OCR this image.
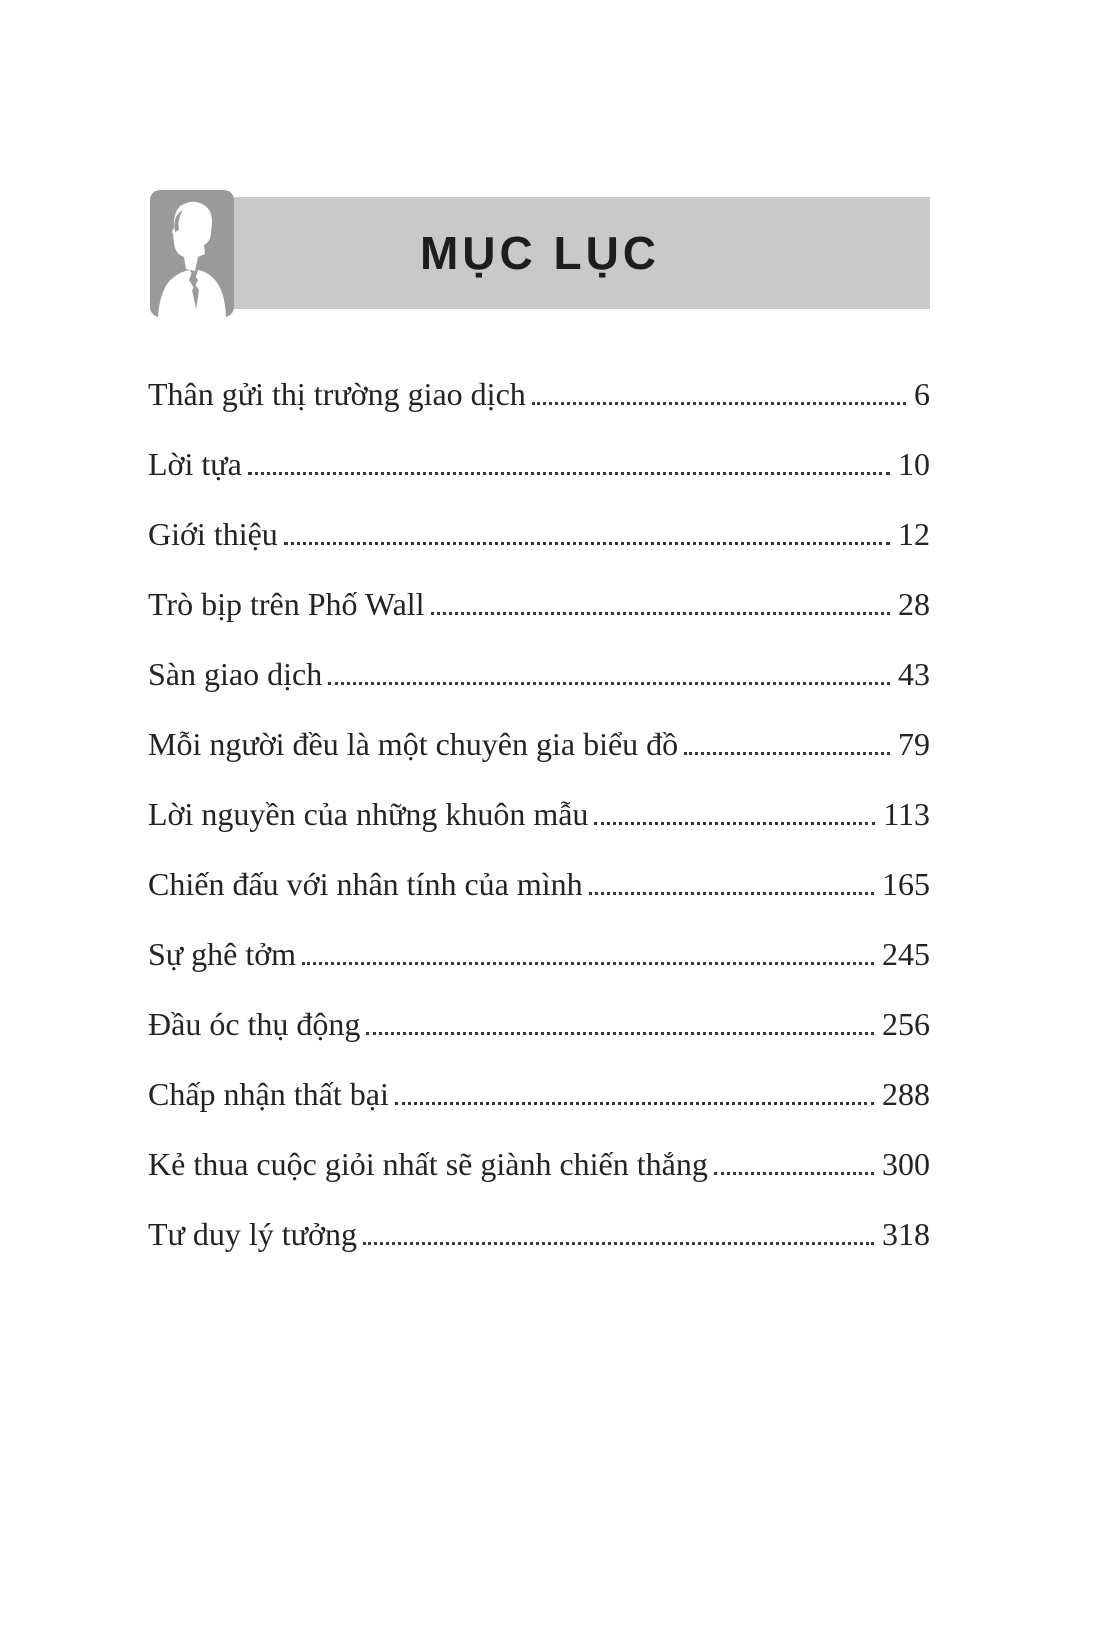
MỤC LỤC
Thân gửi thị trường giao dịch	6
Lời tựa	10
Giới thiệu	12
Trò bịp trên Phố Wall	28
Sàn giao dịch	43
Mỗi người đều là một chuyên gia biểu đồ	79
Lời nguyền của những khuôn mẫu	113
Chiến đấu với nhân tính của mình	165
Sự ghê tởm	245
Đầu óc thụ động	256
Chấp nhận thất bại	288
Kẻ thua cuộc giỏi nhất sẽ giành chiến thắng	300
Tư duy lý tưởng	318
